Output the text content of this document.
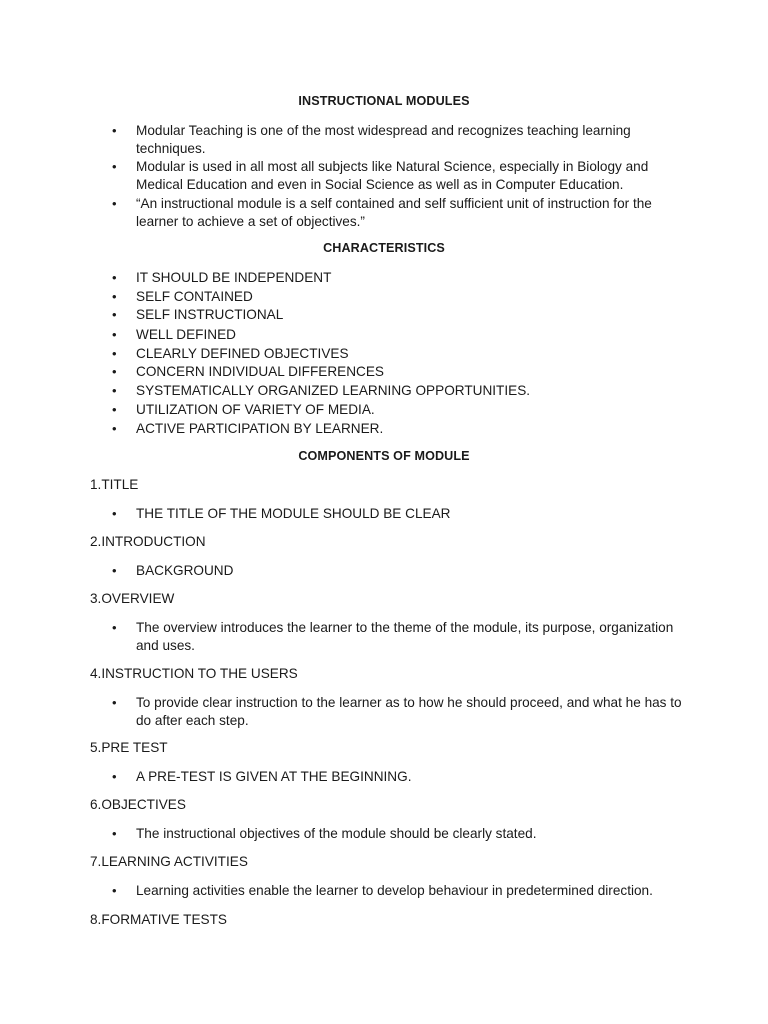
INSTRUCTIONAL MODULES
• Modular Teaching is one of the most widespread and recognizes teaching learning techniques.
• Modular is used in all most all subjects like Natural Science, especially in Biology and Medical Education and even in Social Science as well as in Computer Education.
• “An instructional module is a self contained and self sufficient unit of instruction for the learner to achieve a set of objectives.”
CHARACTERISTICS
• IT SHOULD BE INDEPENDENT
• SELF CONTAINED
• SELF INSTRUCTIONAL
• WELL DEFINED
• CLEARLY DEFINED OBJECTIVES
• CONCERN INDIVIDUAL DIFFERENCES
• SYSTEMATICALLY ORGANIZED LEARNING OPPORTUNITIES.
• UTILIZATION OF VARIETY OF MEDIA.
• ACTIVE PARTICIPATION BY LEARNER.
COMPONENTS OF MODULE
1.TITLE
• THE TITLE OF THE MODULE SHOULD BE CLEAR
2.INTRODUCTION
• BACKGROUND
3.OVERVIEW
• The overview introduces the learner to the theme of the module, its purpose, organization and uses.
4.INSTRUCTION TO THE USERS
• To provide clear instruction to the learner as to how he should proceed, and what he has to do after each step.
5.PRE TEST
• A PRE-TEST IS GIVEN AT THE BEGINNING.
6.OBJECTIVES
• The instructional objectives of the module should be clearly stated.
7.LEARNING ACTIVITIES
• Learning activities enable the learner to develop behaviour in predetermined direction.
8.FORMATIVE TESTS
